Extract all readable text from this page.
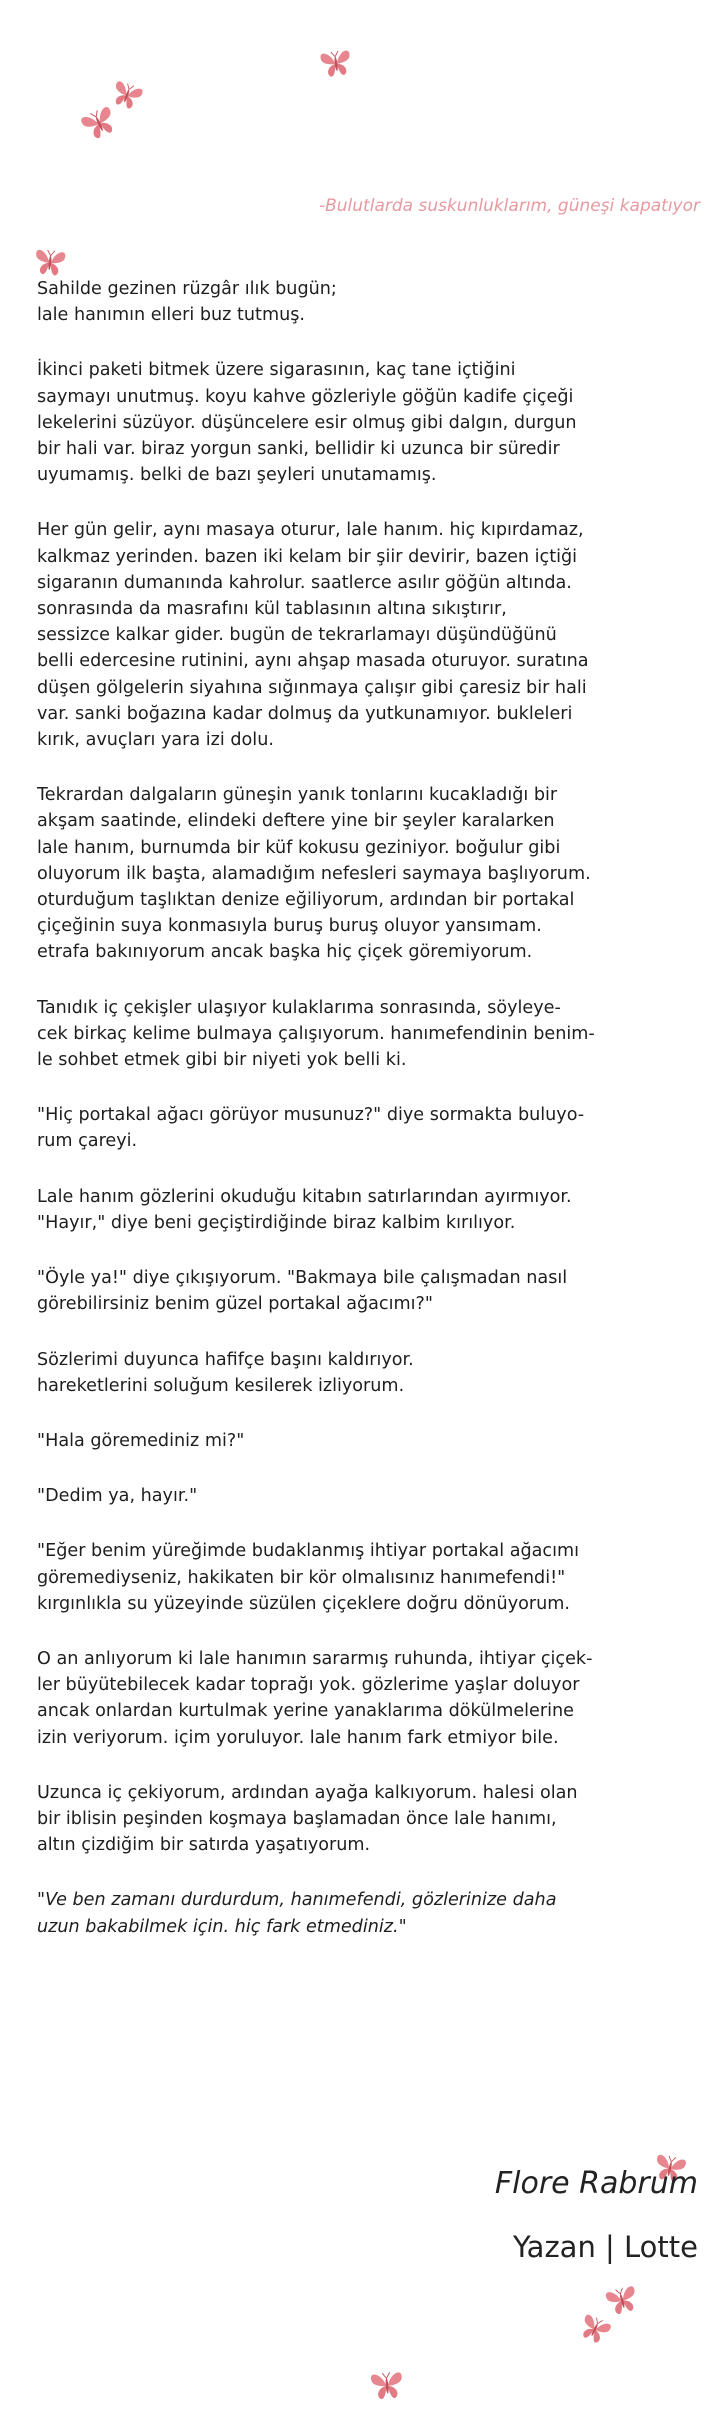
-Bulutlarda suskunluklarım, güneşi kapatıyor

Sahilde gezinen rüzgâr ılık bugün;
lale hanımın elleri buz tutmuş.

İkinci paketi bitmek üzere sigarasının, kaç tane içtiğini
saymayı unutmuş. koyu kahve gözleriyle göğün kadife çiçeği
lekelerini süzüyor. düşüncelere esir olmuş gibi dalgın, durgun
bir hali var. biraz yorgun sanki, bellidir ki uzunca bir süredir
uyumamış. belki de bazı şeyleri unutamamış.

Her gün gelir, aynı masaya oturur, lale hanım. hiç kıpırdamaz,
kalkmaz yerinden. bazen iki kelam bir şiir devirir, bazen içtiği
sigaranın dumanında kahrolur. saatlerce asılır göğün altında.
sonrasında da masrafını kül tablasının altına sıkıştırır,
sessizce kalkar gider. bugün de tekrarlamayı düşündüğünü
belli edercesine rutinini, aynı ahşap masada oturuyor. suratına
düşen gölgelerin siyahına sığınmaya çalışır gibi çaresiz bir hali
var. sanki boğazına kadar dolmuş da yutkunamıyor. bukleleri
kırık, avuçları yara izi dolu.

Tekrardan dalgaların güneşin yanık tonlarını kucakladığı bir
akşam saatinde, elindeki deftere yine bir şeyler karalarken
lale hanım, burnumda bir küf kokusu geziniyor. boğulur gibi
oluyorum ilk başta, alamadığım nefesleri saymaya başlıyorum.
oturduğum taşlıktan denize eğiliyorum, ardından bir portakal
çiçeğinin suya konmasıyla buruş buruş oluyor yansımam.
etrafa bakınıyorum ancak başka hiç çiçek göremiyorum.

Tanıdık iç çekişler ulaşıyor kulaklarıma sonrasında, söyleye-
cek birkaç kelime bulmaya çalışıyorum. hanımefendinin benim-
le sohbet etmek gibi bir niyeti yok belli ki.

"Hiç portakal ağacı görüyor musunuz?" diye sormakta buluyo-
rum çareyi.

Lale hanım gözlerini okuduğu kitabın satırlarından ayırmıyor.
"Hayır," diye beni geçiştirdiğinde biraz kalbim kırılıyor.

"Öyle ya!" diye çıkışıyorum. "Bakmaya bile çalışmadan nasıl
görebilirsiniz benim güzel portakal ağacımı?"

Sözlerimi duyunca hafifçe başını kaldırıyor.
hareketlerini soluğum kesilerek izliyorum.

"Hala göremediniz mi?"

"Dedim ya, hayır."

"Eğer benim yüreğimde budaklanmış ihtiyar portakal ağacımı
göremediyseniz, hakikaten bir kör olmalısınız hanımefendi!"
kırgınlıkla su yüzeyinde süzülen çiçeklere doğru dönüyorum.

O an anlıyorum ki lale hanımın sararmış ruhunda, ihtiyar çiçek-
ler büyütebilecek kadar toprağı yok. gözlerime yaşlar doluyor
ancak onlardan kurtulmak yerine yanaklarıma dökülmelerine
izin veriyorum. içim yoruluyor. lale hanım fark etmiyor bile.

Uzunca iç çekiyorum, ardından ayağa kalkıyorum. halesi olan
bir iblisin peşinden koşmaya başlamadan önce lale hanımı,
altın çizdiğim bir satırda yaşatıyorum.

"Ve ben zamanı durdurdum, hanımefendi, gözlerinize daha
uzun bakabilmek için. hiç fark etmediniz."

Flore Rabrum

Yazan | Lotte
